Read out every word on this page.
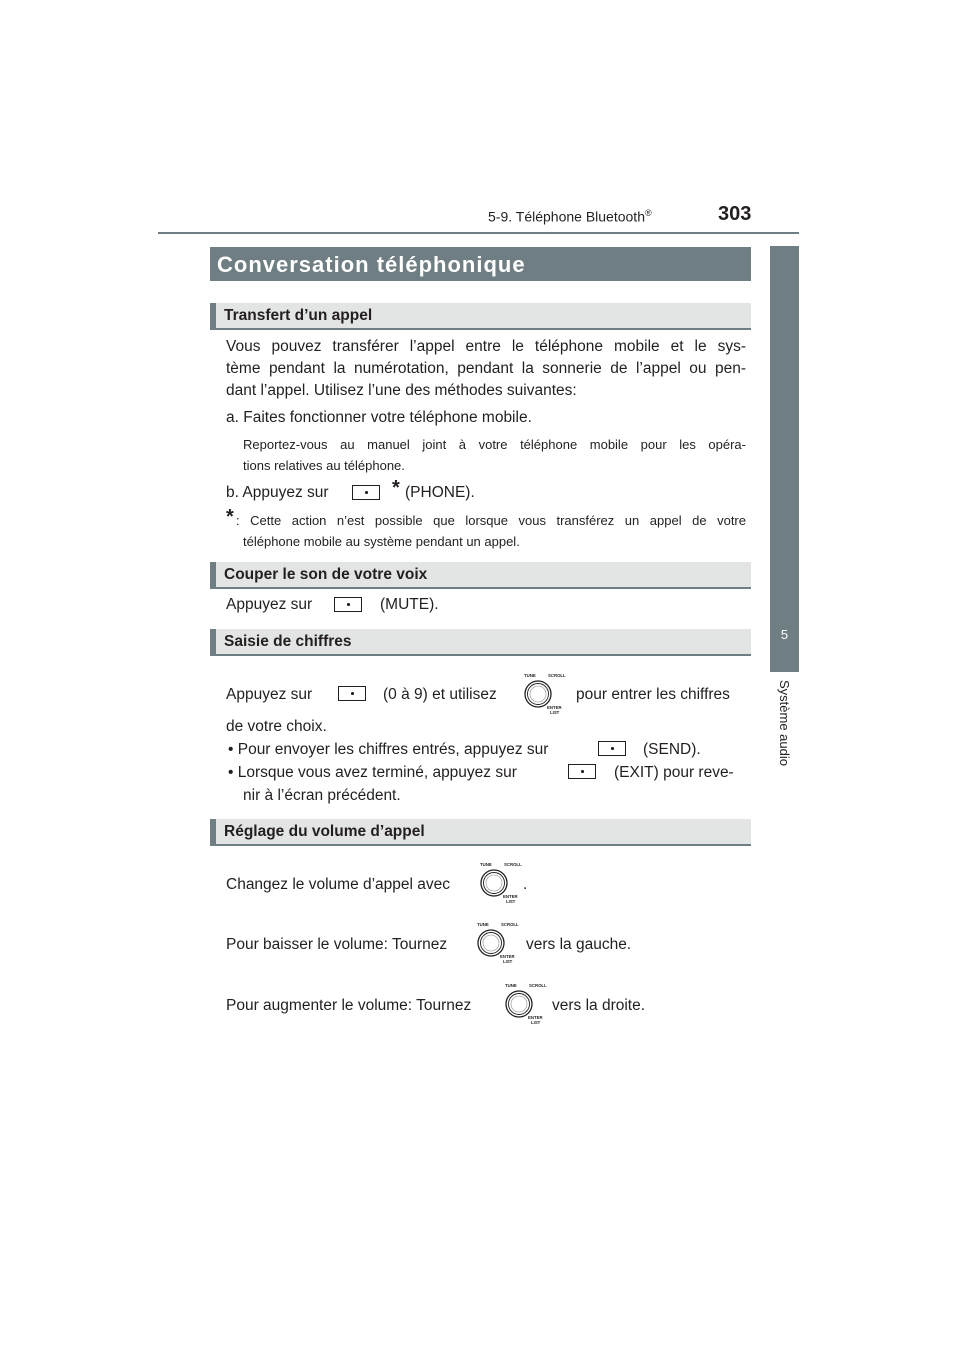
5-9. Téléphone Bluetooth®	303
5
Système audio
Conversation téléphonique
Transfert d’un appel
Vous pouvez transférer l’appel entre le téléphone mobile et le sys-
tème pendant la numérotation, pendant la sonnerie de l’appel ou pen-
dant l’appel. Utilisez l’une des méthodes suivantes:
a. Faites fonctionner votre téléphone mobile.
Reportez-vous au manuel joint à votre téléphone mobile pour les opéra-
tions relatives au téléphone.
b. Appuyez sur	* (PHONE).
* : Cette action n’est possible que lorsque vous transférez un appel de votre
téléphone mobile au système pendant un appel.
Couper le son de votre voix
Appuyez sur	(MUTE).
Saisie de chiffres
Appuyez sur	(0 à 9) et utilisez
TUNE	SCROLL
ENTER
LIST
pour entrer les chiffres
de votre choix.
• Pour envoyer les chiffres entrés, appuyez sur	(SEND).
• Lorsque vous avez terminé, appuyez sur	(EXIT) pour reve-
nir à l’écran précédent.
Réglage du volume d’appel
Changez le volume d’appel avec
TUNE	SCROLL
ENTER
LIST
.
Pour baisser le volume: Tournez
TUNE	SCROLL
ENTER
LIST
vers la gauche.
Pour augmenter le volume: Tournez
TUNE	SCROLL
ENTER
LIST
vers la droite.
